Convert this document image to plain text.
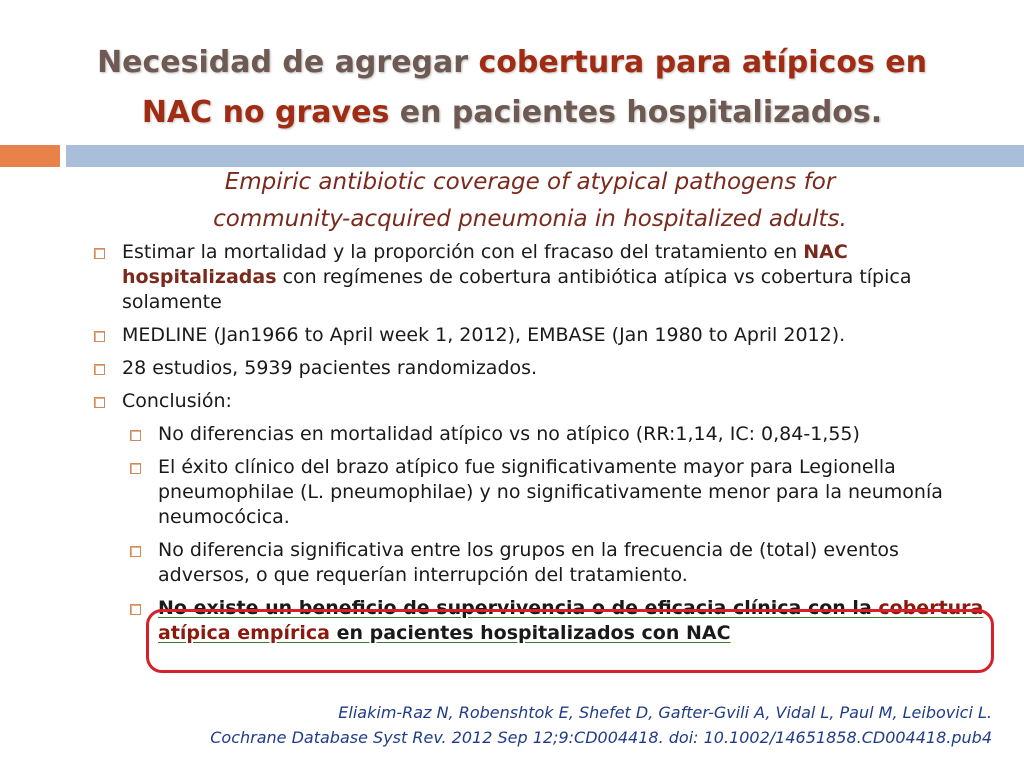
Necesidad de agregar cobertura para atípicos en
NAC no graves en pacientes hospitalizados.
Empiric antibiotic coverage of atypical pathogens for
community-acquired pneumonia in hospitalized adults.
Estimar la mortalidad y la proporción con el fracaso del tratamiento en NAC hospitalizadas con regímenes de cobertura antibiótica atípica vs cobertura típica solamente
MEDLINE (Jan1966 to April week 1, 2012), EMBASE (Jan 1980 to April 2012).
28 estudios, 5939 pacientes randomizados.
Conclusión:
No diferencias en mortalidad atípico vs no atípico (RR:1,14, IC: 0,84-1,55)
El éxito clínico del brazo atípico fue significativamente mayor para Legionella pneumophilae (L. pneumophilae) y no significativamente menor para la neumonía neumocócica.
No diferencia significativa entre los grupos en la frecuencia de (total) eventos adversos, o que requerían interrupción del tratamiento.
No existe un beneficio de supervivencia o de eficacia clínica con la cobertura atípica empírica en pacientes hospitalizados con NAC
Eliakim-Raz N, Robenshtok E, Shefet D, Gafter-Gvili A, Vidal L, Paul M, Leibovici L.
Cochrane Database Syst Rev. 2012 Sep 12;9:CD004418. doi: 10.1002/14651858.CD004418.pub4
